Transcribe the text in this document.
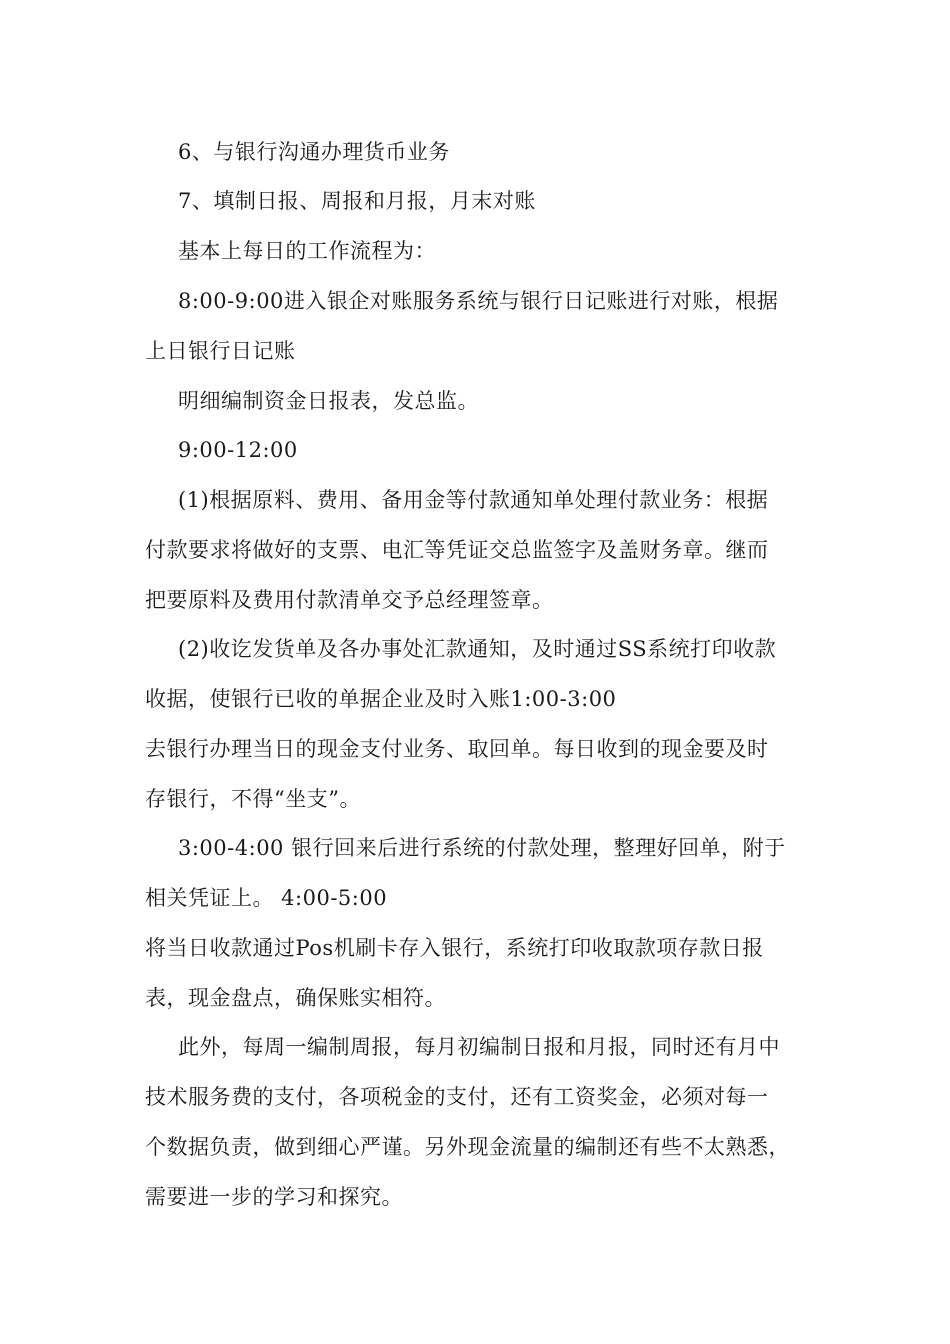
6、与银行沟通办理货币业务
7、填制日报、周报和月报，月末对账
基本上每日的工作流程为：
8:00-9:00进入银企对账服务系统与银行日记账进行对账，根据
上日银行日记账
明细编制资金日报表，发总监。
9:00-12:00
(1)根据原料、费用、备用金等付款通知单处理付款业务：根据
付款要求将做好的支票、电汇等凭证交总监签字及盖财务章。继而
把要原料及费用付款清单交予总经理签章。
(2)收讫发货单及各办事处汇款通知，及时通过SS系统打印收款
收据，使银行已收的单据企业及时入账1:00-3:00
去银行办理当日的现金支付业务、取回单。每日收到的现金要及时
存银行，不得“坐支”。
3:00-4:00 银行回来后进行系统的付款处理，整理好回单，附于
相关凭证上。 4:00-5:00
将当日收款通过Pos机刷卡存入银行，系统打印收取款项存款日报
表，现金盘点，确保账实相符。
此外，每周一编制周报，每月初编制日报和月报，同时还有月中
技术服务费的支付，各项税金的支付，还有工资奖金，必须对每一
个数据负责，做到细心严谨。另外现金流量的编制还有些不太熟悉，
需要进一步的学习和探究。
